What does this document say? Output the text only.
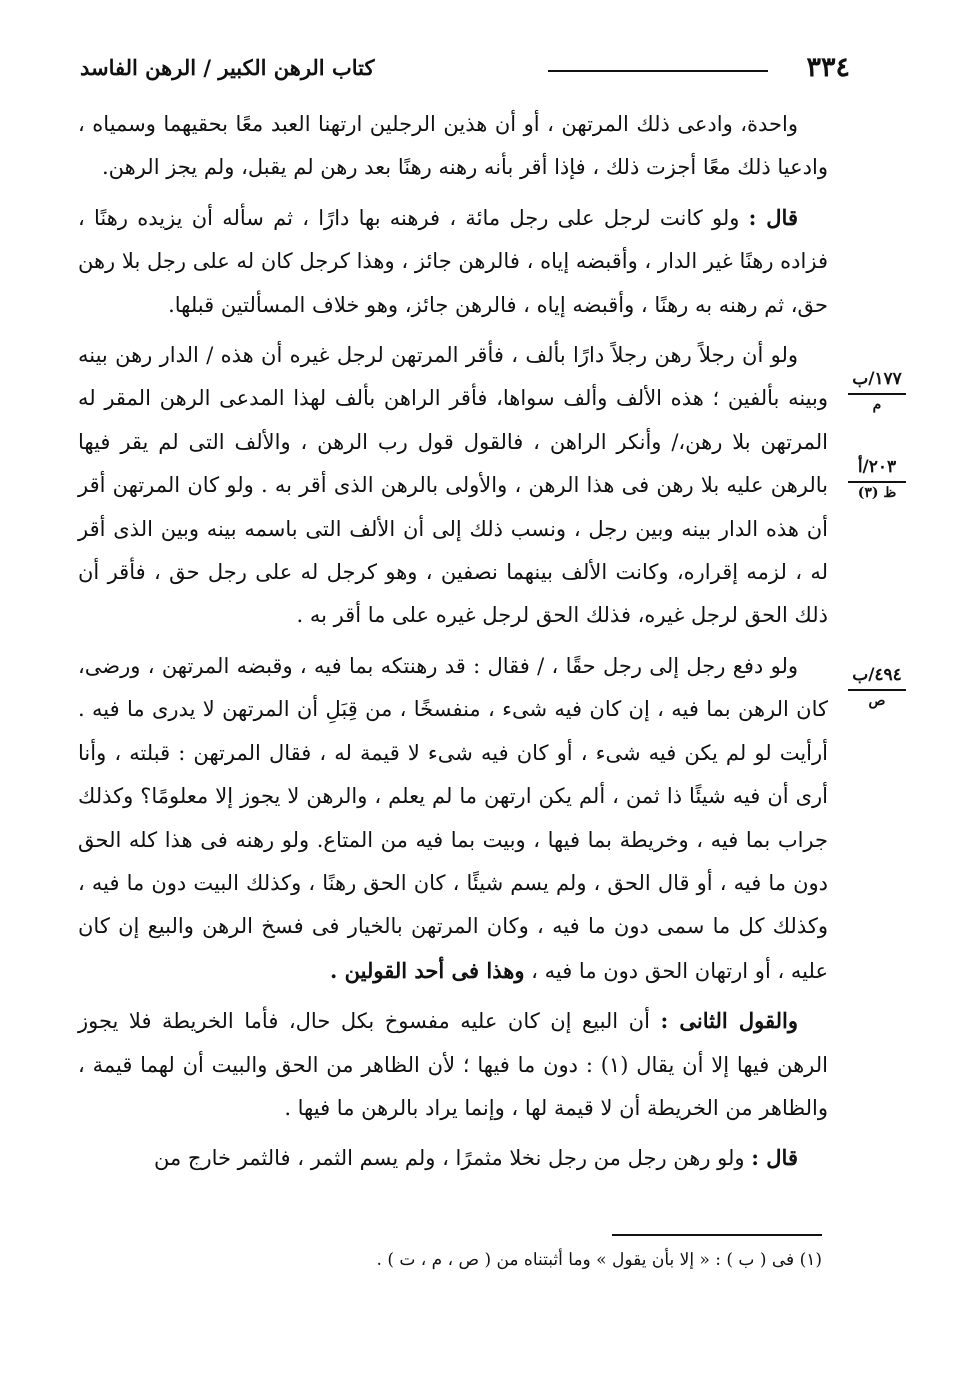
٣٣٤
كتاب الرهن الكبير / الرهن الفاسد

واحدة، وادعى ذلك المرتهن ، أو أن هذين الرجلين ارتهنا العبد معًا بحقيهما وسمياه ، وادعيا ذلك معًا أجزت ذلك ، فإذا أقر بأنه رهنه رهنًا بعد رهن لم يقبل، ولم يجز الرهن.

قال : ولو كانت لرجل على رجل مائة ، فرهنه بها دارًا ، ثم سأله أن يزيده رهنًا ، فزاده رهنًا غير الدار ، وأقبضه إياه ، فالرهن جائز ، وهذا كرجل كان له على رجل بلا رهن حق، ثم رهنه به رهنًا ، وأقبضه إياه ، فالرهن جائز، وهو خلاف المسألتين قبلها.

ولو أن رجلاً رهن رجلاً دارًا بألف ، فأقر المرتهن لرجل غيره أن هذه / الدار رهن بينه وبينه بألفين ؛ هذه الألف وألف سواها، فأقر الراهن بألف لهذا المدعى الرهن المقر له المرتهن بلا رهن،/ وأنكر الراهن ، فالقول قول رب الرهن ، والألف التى لم يقر فيها بالرهن عليه بلا رهن فى هذا الرهن ، والأولى بالرهن الذى أقر به . ولو كان المرتهن أقر أن هذه الدار بينه وبين رجل ، ونسب ذلك إلى أن الألف التى باسمه بينه وبين الذى أقر له ، لزمه إقراره، وكانت الألف بينهما نصفين ، وهو كرجل له على رجل حق ، فأقر أن ذلك الحق لرجل غيره، فذلك الحق لرجل غيره على ما أقر به .

ولو دفع رجل إلى رجل حقًا ، / فقال : قد رهنتكه بما فيه ، وقبضه المرتهن ، ورضى، كان الرهن بما فيه ، إن كان فيه شىء ، منفسخًا ، من قِبَلِ أن المرتهن لا يدرى ما فيه . أرأيت لو لم يكن فيه شىء ، أو كان فيه شىء لا قيمة له ، فقال المرتهن : قبلته ، وأنا أرى أن فيه شيئًا ذا ثمن ، ألم يكن ارتهن ما لم يعلم ، والرهن لا يجوز إلا معلومًا؟ وكذلك جراب بما فيه ، وخريطة بما فيها ، وبيت بما فيه من المتاع. ولو رهنه فى هذا كله الحق دون ما فيه ، أو قال الحق ، ولم يسم شيئًا ، كان الحق رهنًا ، وكذلك البيت دون ما فيه ، وكذلك كل ما سمى دون ما فيه ، وكان المرتهن بالخيار فى فسخ الرهن والبيع إن كان عليه ، أو ارتهان الحق دون ما فيه ، وهذا فى أحد القولين .

والقول الثانى : أن البيع إن كان عليه مفسوخ بكل حال، فأما الخريطة فلا يجوز الرهن فيها إلا أن يقال (١) : دون ما فيها ؛ لأن الظاهر من الحق والبيت أن لهما قيمة ، والظاهر من الخريطة أن لا قيمة لها ، وإنما يراد بالرهن ما فيها .

قال : ولو رهن رجل من رجل نخلا مثمرًا ، ولم يسم الثمر ، فالثمر خارج من

١٧٧/ب
م
٢٠٣/أ
ظ (٣)
٤٩٤/ب
ص
(١) فى ( ب ) : « إلا بأن يقول » وما أثبتناه من ( ص ، م ، ت ) .
